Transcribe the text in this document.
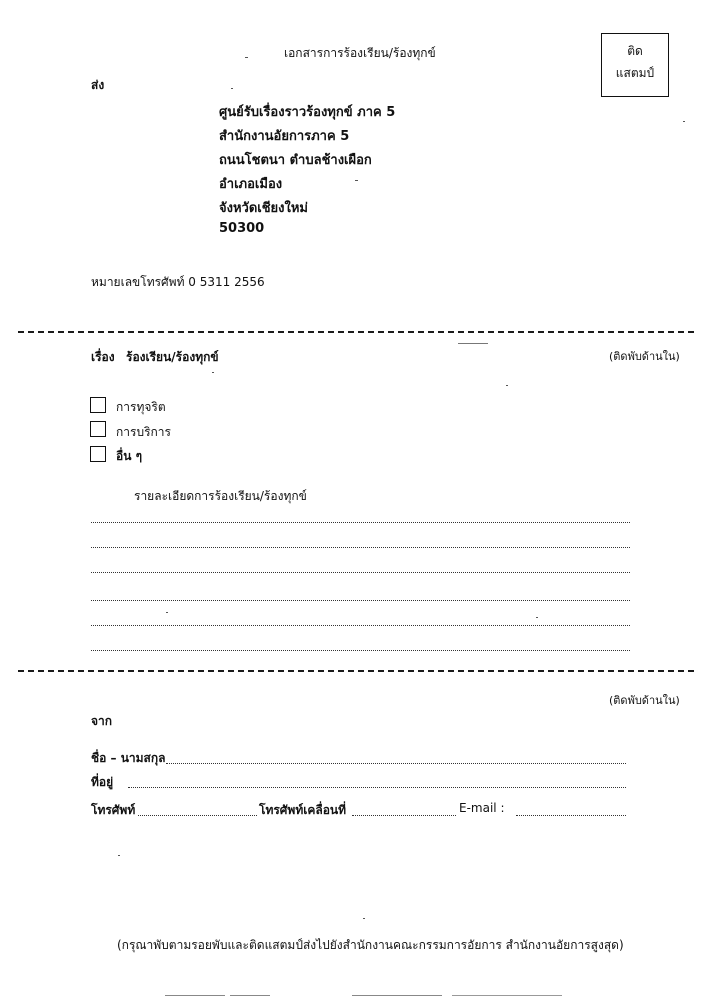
เอกสารการร้องเรียน/ร้องทุกข์	ติด
แสตมป์
ส่ง
ศูนย์รับเรื่องราวร้องทุกข์ ภาค 5
สำนักงานอัยการภาค 5
ถนนโชตนา ตำบลช้างเผือก
อำเภอเมือง
จังหวัดเชียงใหม่
50300
หมายเลขโทรศัพท์ 0 5311 2556
เรื่อง ร้องเรียน/ร้องทุกข์	(ติดพับด้านใน)
การทุจริต
การบริการ
อื่น ๆ
รายละเอียดการร้องเรียน/ร้องทุกข์
(ติดพับด้านใน)
จาก
ชื่อ – นามสกุล
ที่อยู่
โทรศัพท์	โทรศัพท์เคลื่อนที่	E-mail :
(กรุณาพับตามรอยพับและติดแสตมป์ส่งไปยังสำนักงานคณะกรรมการอัยการ สำนักงานอัยการสูงสุด)
